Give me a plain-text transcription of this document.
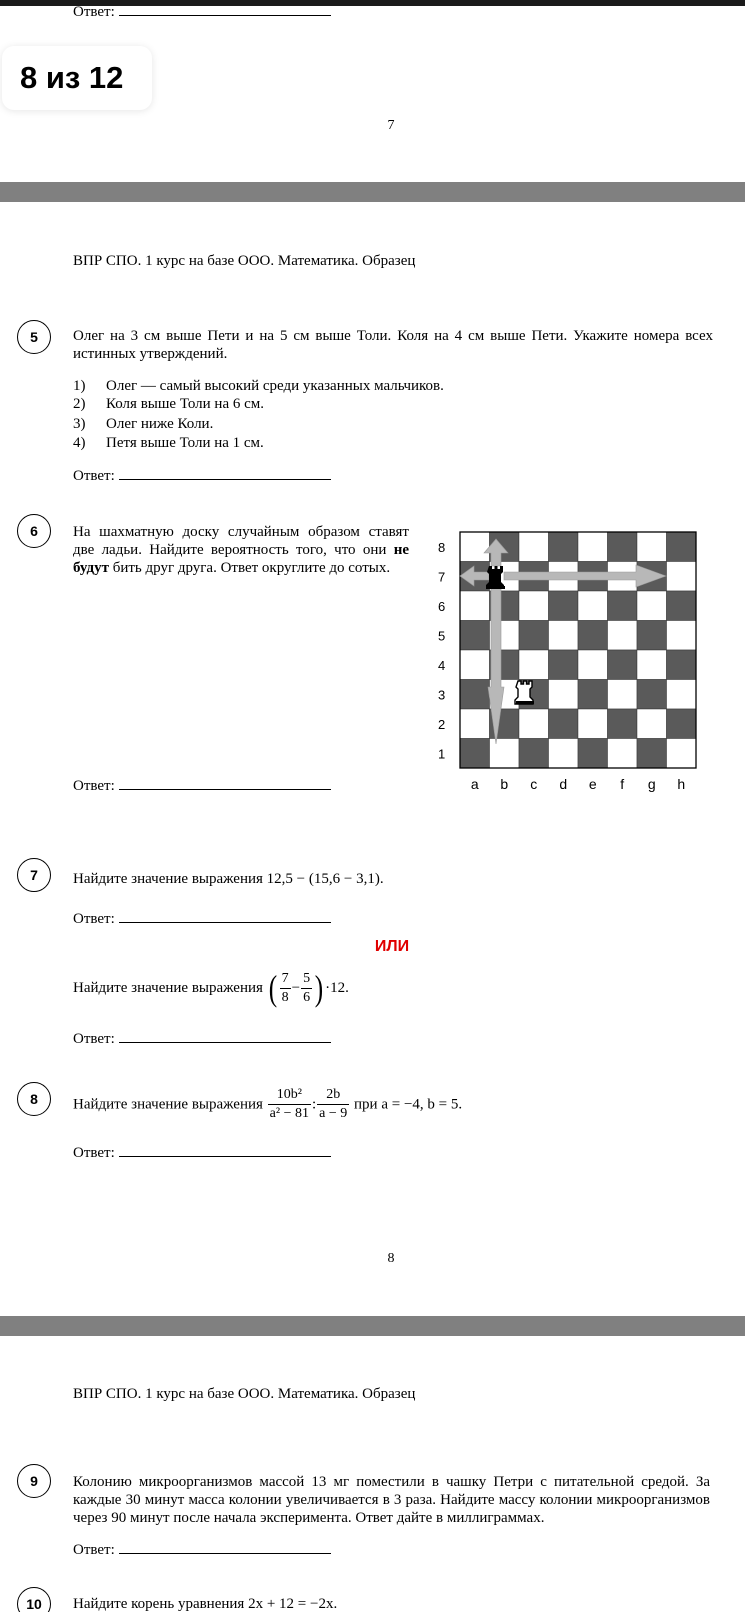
Ответ:
8 из 12
7
ВПР СПО. 1 курс на базе ООО. Математика. Образец
5	Олег на 3 см выше Пети и на 5 см выше Толи. Коля на 4 см выше Пети. Укажите номера всех истинных утверждений.
1) Олег — самый высокий среди указанных мальчиков.
2) Коля выше Толи на 6 см.
3) Олег ниже Коли.
4) Петя выше Толи на 1 см.
Ответ:
6	На шахматную доску случайным образом ставят две ладьи. Найдите вероятность того, что они не будут бить друг друга. Ответ округлите до сотых.
8
7
6
5
4
3
2
1
a b c d e f g h
Ответ:
7	Найдите значение выражения 12,5 − (15,6 − 3,1).
Ответ:
ИЛИ
Найдите значение выражения ( $\frac{7}{8} - \frac{5}{6}$ ) ·12.
Ответ:
8	Найдите значение выражения $\frac{\text{10b²}}{\text{a² − 81}}$ : $\frac{2b}{a - 9}$ при a = −4, b = 5.
Ответ:
8
ВПР СПО. 1 курс на базе ООО. Математика. Образец
9	Колонию микроорганизмов массой 13 мг поместили в чашку Петри с питательной средой. За каждые 30 минут масса колонии увеличивается в 3 раза. Найдите массу колонии микроорганизмов через 90 минут после начала эксперимента. Ответ дайте в миллиграммах.
Ответ:
10	Найдите корень уравнения 2x + 12 = −2x.
